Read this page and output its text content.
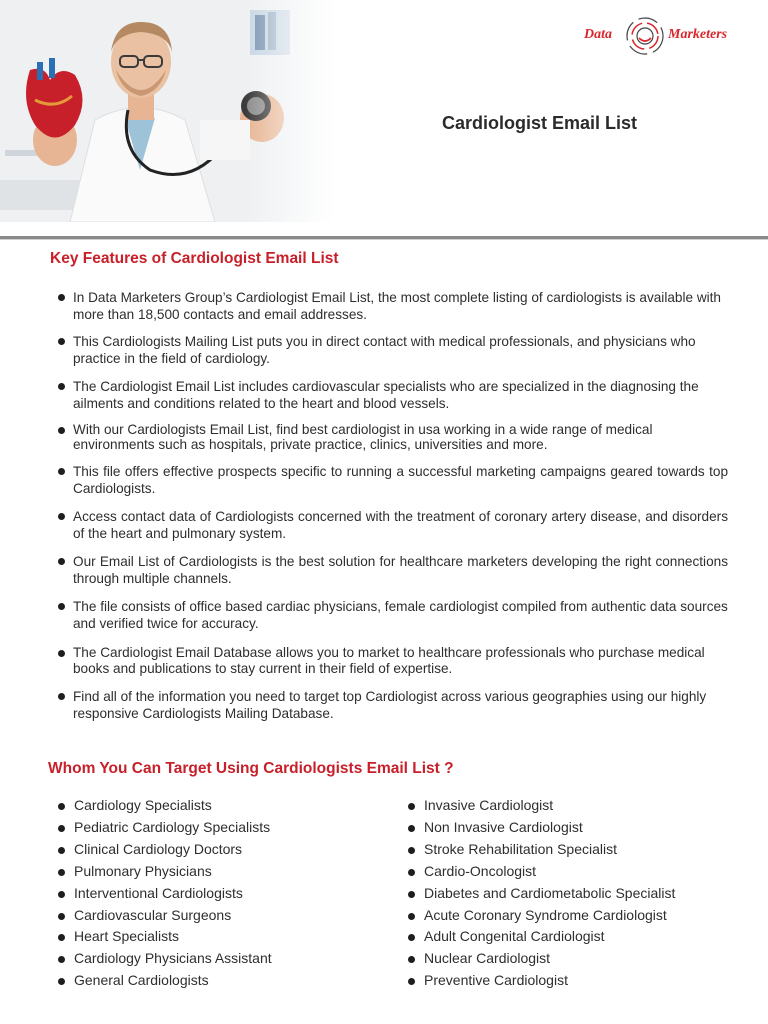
Data	Marketers
Cardiologist Email List
Key Features of Cardiologist Email List
In Data Marketers Group’s Cardiologist Email List, the most complete listing of cardiologists is available with more than 18,500 contacts and email addresses.
This Cardiologists Mailing List puts you in direct contact with medical professionals, and physicians who practice in the field of cardiology.
The Cardiologist Email List includes cardiovascular specialists who are specialized in the diagnosing the ailments and conditions related to the heart and blood vessels.
With our Cardiologists Email List, find best cardiologist in usa working in a wide range of medical environments such as hospitals, private practice, clinics, universities and more.
This file offers effective prospects specific to running a successful marketing campaigns geared towards top Cardiologists.
Access contact data of Cardiologists concerned with the treatment of coronary artery disease, and disorders of the heart and pulmonary system.
Our Email List of Cardiologists is the best solution for healthcare marketers developing the right connections through multiple channels.
The file consists of office based cardiac physicians, female cardiologist compiled from authentic data sources and verified twice for accuracy.
The Cardiologist Email Database allows you to market to healthcare professionals who purchase medical books and publications to stay current in their field of expertise.
Find all of the information you need to target top Cardiologist across various geographies using our highly responsive Cardiologists Mailing Database.
Whom You Can Target Using Cardiologists Email List ?
Cardiology Specialists
Pediatric Cardiology Specialists
Clinical Cardiology Doctors
Pulmonary Physicians
Interventional Cardiologists
Cardiovascular Surgeons
Heart Specialists
Cardiology Physicians Assistant
General Cardiologists
Invasive Cardiologist
Non Invasive Cardiologist
Stroke Rehabilitation Specialist
Cardio-Oncologist
Diabetes and Cardiometabolic Specialist
Acute Coronary Syndrome Cardiologist
Adult Congenital Cardiologist
Nuclear Cardiologist
Preventive Cardiologist
